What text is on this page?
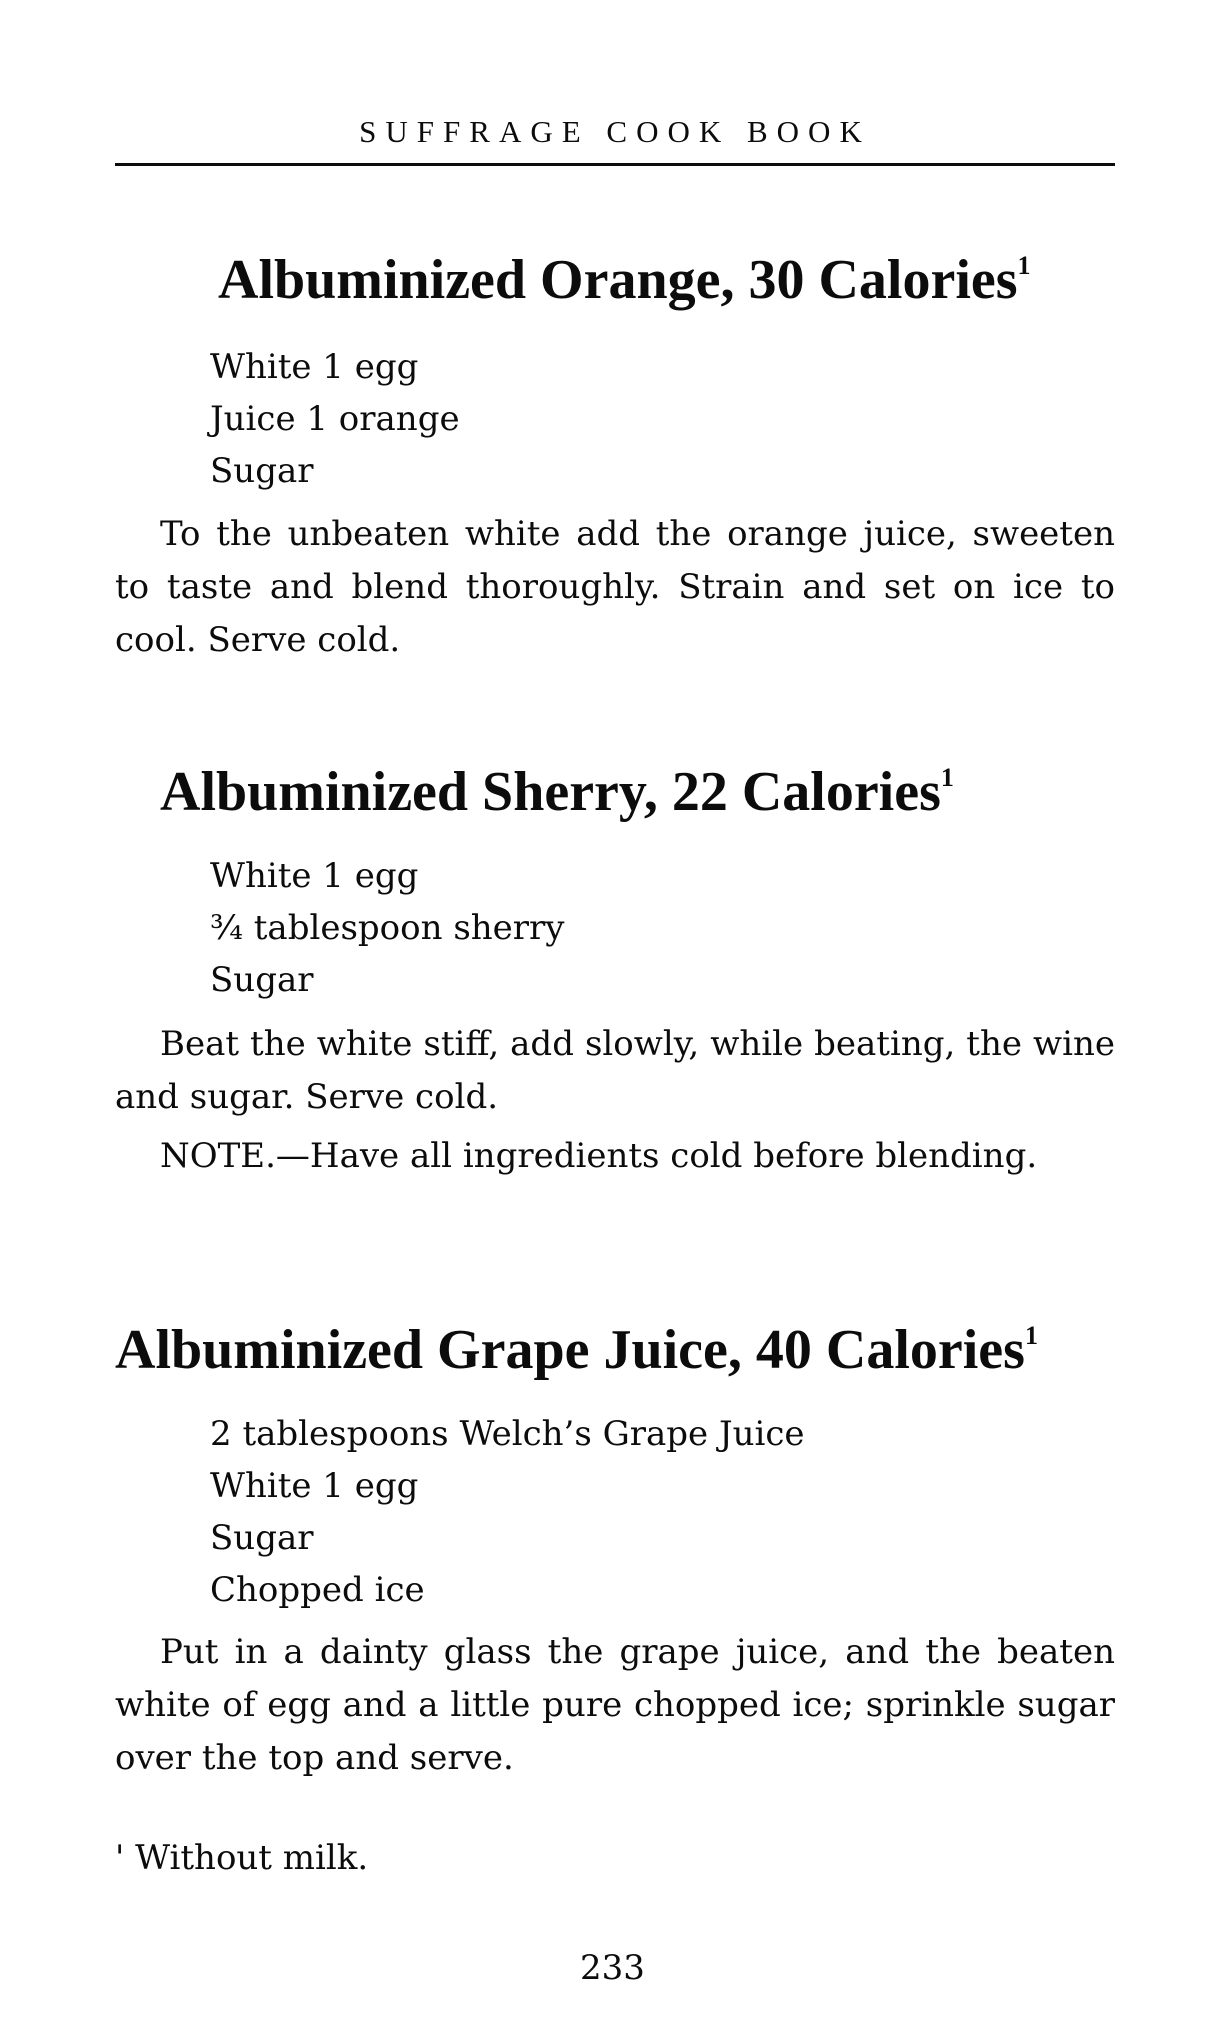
SUFFRAGE COOK BOOK
Albuminized Orange, 30 Calories$^1$
White 1 egg
Juice 1 orange
Sugar

To the unbeaten white add the orange juice, sweeten to taste and blend thoroughly. Strain and set on ice to cool. Serve cold.

Albuminized Sherry, 22 Calories$^1$
White 1 egg
¾ tablespoon sherry
Sugar

Beat the white stiff, add slowly, while beating, the wine and sugar. Serve cold.

NOTE.—Have all ingredients cold before blending.

Albuminized Grape Juice, 40 Calories$^1$
2 tablespoons Welch’s Grape Juice
White 1 egg
Sugar
Chopped ice

Put in a dainty glass the grape juice, and the beaten white of egg and a little pure chopped ice; sprinkle sugar over the top and serve.

' Without milk.

233
